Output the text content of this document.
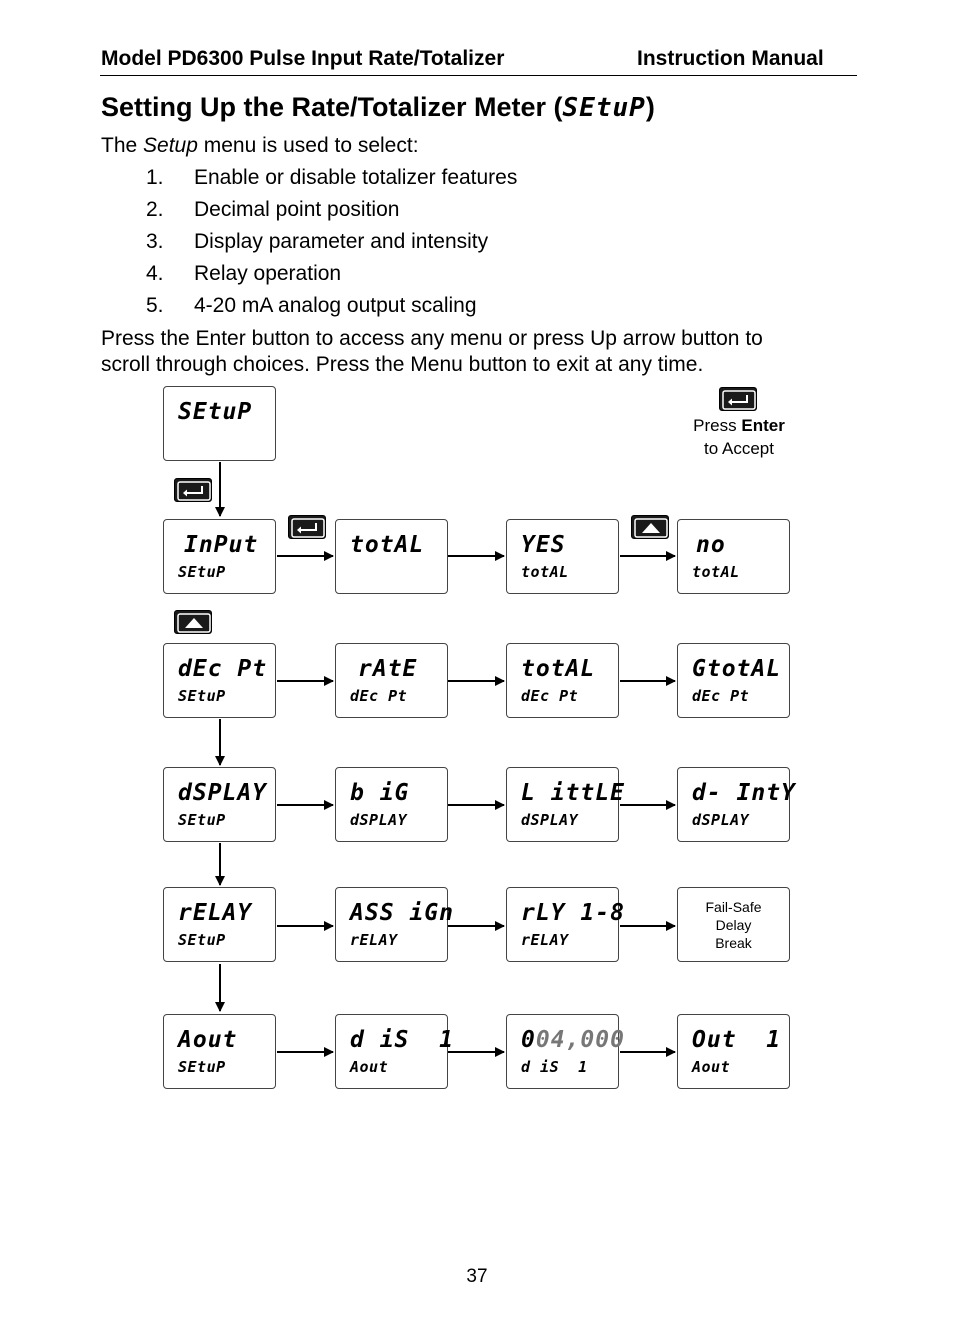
Model PD6300 Pulse Input Rate/Totalizer	Instruction Manual
Setting Up the Rate/Totalizer Meter (SEtuP)
The Setup menu is used to select:
1. Enable or disable totalizer features
2. Decimal point position
3. Display parameter and intensity
4. Relay operation
5. 4-20 mA analog output scaling
Press the Enter button to access any menu or press Up arrow button to
scroll through choices. Press the Menu button to exit at any time.
Press Enter
to Accept
SEtuP
InPut
SEtuP
totAL	YES
totAL
no
totAL
dEc Pt
SEtuP
rAtE
dEc Pt
totAL
dEc Pt
GtotAL
dEc Pt
dSPLAY
SEtuP
b iG
dSPLAY
L ittLE
dSPLAY
d- IntY
dSPLAY
rELAY
SEtuP
ASS iGn
rELAY
rLY 1-8
rELAY
Fail-Safe
Delay
Break
Aout
SEtuP
d iS  1
Aout
004,000
d iS  1
Out  1
Aout
37
